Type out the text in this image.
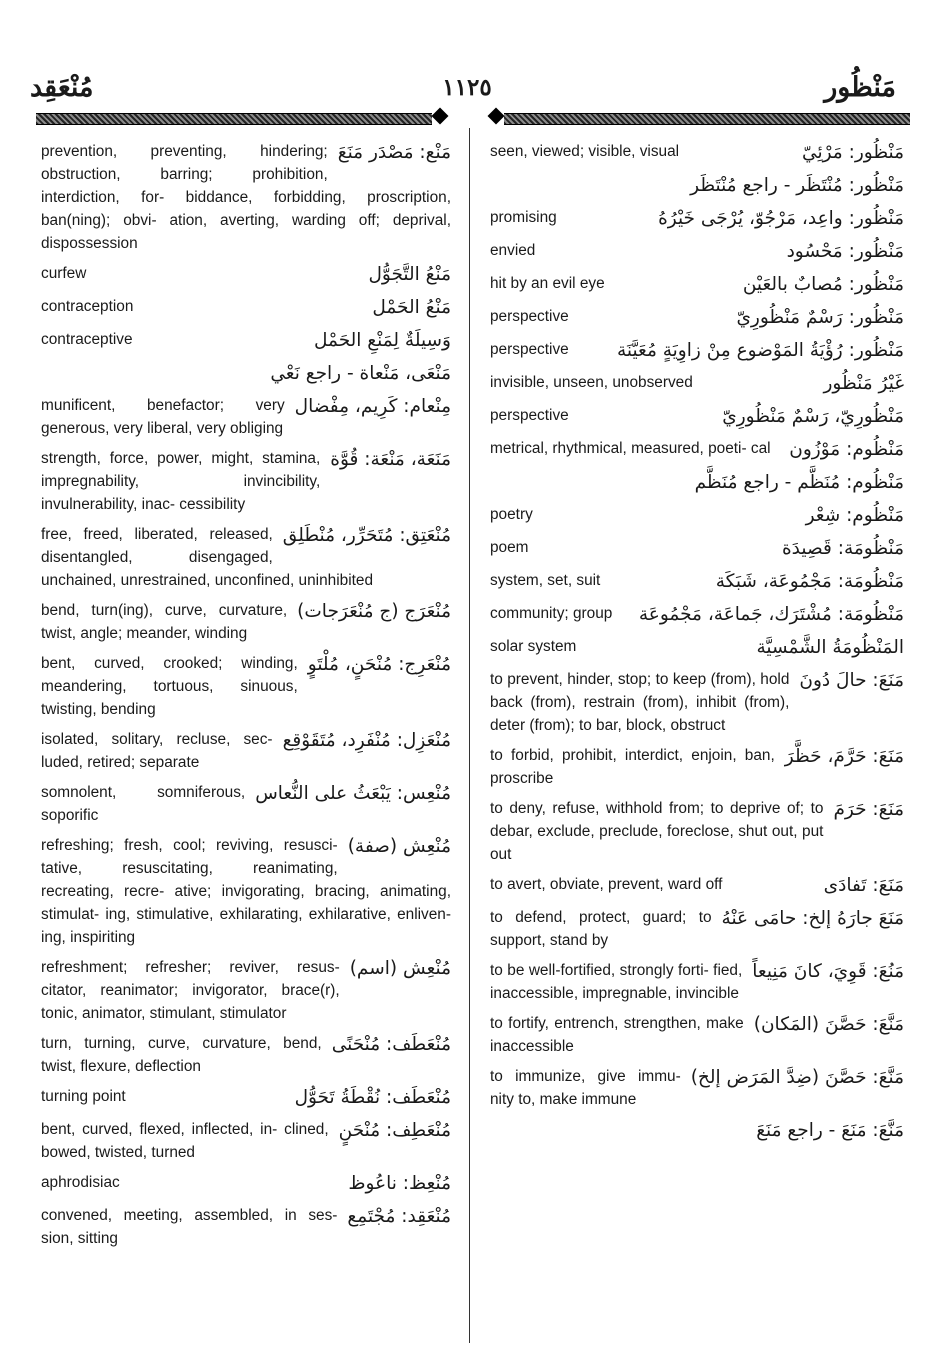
مَنْظُور
١١٢٥
مُنْعَقِد
مَنْع: مَصْدَر مَنَعَ
prevention, preventing, hindering; obstruction, barring; prohibition, interdiction, for- biddance, forbidding, proscription, ban(ning); obvi- ation, averting, warding off; deprival, dispossession
مَنْعُ التَّجَوُّل
curfew
مَنْعُ الحَمْل
contraception
وَسِيلَةٌ لِمَنْعِ الحَمْل
contraceptive
مَنْعَى، مَنْعاة - راجع نَعْي
مِنْعام: كَرِيم، مِفْضال
munificent, benefactor; very generous, very liberal, very obliging
مَنَعَة، مَنْعَة: قُوَّة
strength, force, power, might, stamina, impregnability, invincibility, invulnerability, inac- cessibility
مُنْعَتِق: مُتَحَرِّر، مُنْطَلِق
free, freed, liberated, released, disentangled, disengaged, unchained, unrestrained, unconfined, uninhibited
مُنْعَرَج (ج مُنْعَرَجات)
bend, turn(ing), curve, curvature, twist, angle; meander, winding
مُنْعَرِج: مُنْحَنٍ، مُلْتَوٍ
bent, curved, crooked; winding, meandering, tortuous, sinuous, twisting, bending
مُنْعَزِل: مُنْفَرِد، مُتَقَوْقِع
isolated, solitary, recluse, sec- luded, retired; separate
مُنْعِس: يَبْعَثُ على النُّعاس
somnolent, somniferous, soporific
مُنْعِش (صفة)
refreshing; fresh, cool; reviving, resusci- tative, resuscitating, reanimating, recreating, recre- ative; invigorating, bracing, animating, stimulat- ing, stimulative, exhilarating, exhilarative, enliven- ing, inspiriting
مُنْعِش (اسم)
refreshment; refresher; reviver, resus- citator, reanimator; invigorator, brace(r), tonic, animator, stimulant, stimulator
مُنْعَطَف: مُنْحَنًى
turn, turning, curve, curvature, bend, twist, flexure, deflection
مُنْعَطَف: نُقْطَةُ تَحَوُّل
turning point
مُنْعَطِف: مُنْحَنٍ
bent, curved, flexed, inflected, in- clined, bowed, twisted, turned
مُنْعِظ: ناعُوظ
aphrodisiac
مُنْعَقِد: مُجْتَمِع
convened, meeting, assembled, in ses- sion, sitting
مَنْظُور: مَرْئِيّ
seen, viewed; visible, visual
مَنْظُور: مُنْتَظَر - راجع مُنْتَظَر
مَنْظُور: واعِد، مَرْجُوّ، يُرْجَى خَيْرُهُ
promising
مَنْظُور: مَحْسُود
envied
مَنْظُور: مُصابٌ بالعَيْن
hit by an evil eye
مَنْظُور: رَسْمٌ مَنْظُورِيّ
perspective
مَنْظُور: رُؤْيَةُ المَوْضوع مِنْ زاوِيَةٍ مُعَيَّنَة
perspective
غَيْرُ مَنْظُور
invisible, unseen, unobserved
مَنْظُورِيّ، رَسْمٌ مَنْظُورِيّ
perspective
مَنْظُوم: مَوْزُون
metrical, rhythmical, measured, poeti- cal
مَنْظُوم: مُنَظَّم - راجع مُنَظَّم
مَنْظُوم: شِعْر
poetry
مَنْظُومَة: قَصِيدَة
poem
مَنْظُومَة: مَجْمُوعَة، شَبَكَة
system, set, suit
مَنْظُومَة: مُشْتَرَك، جَماعَة، مَجْمُوعَة
community; group
المَنْظُومَةُ الشَّمْسِيَّة
solar system
مَنَعَ: حالَ دُونَ
to prevent, hinder, stop; to keep (from), hold back (from), restrain (from), inhibit (from), deter (from); to bar, block, obstruct
مَنَعَ: حَرَّمَ، حَظَّرَ
to forbid, prohibit, interdict, enjoin, ban, proscribe
مَنَعَ: حَرَمَ
to deny, refuse, withhold from; to deprive of; to debar, exclude, preclude, foreclose, shut out, put out
مَنَعَ: تَفادَى
to avert, obviate, prevent, ward off
مَنَعَ جارَهُ إلخ: حامَى عَنْهُ
to defend, protect, guard; to support, stand by
مَنُعَ: قَوِيَ، كانَ مَنِيعاً
to be well-fortified, strongly forti- fied, inaccessible, impregnable, invincible
مَنَّعَ: حَصَّنَ (المَكان)
to fortify, entrench, strengthen, make inaccessible
مَنَّعَ: حَصَّنَ (ضِدَّ المَرَض إلخ)
to immunize, give immu- nity to, make immune
مَنَّعَ: مَنَعَ - راجع مَنَعَ
